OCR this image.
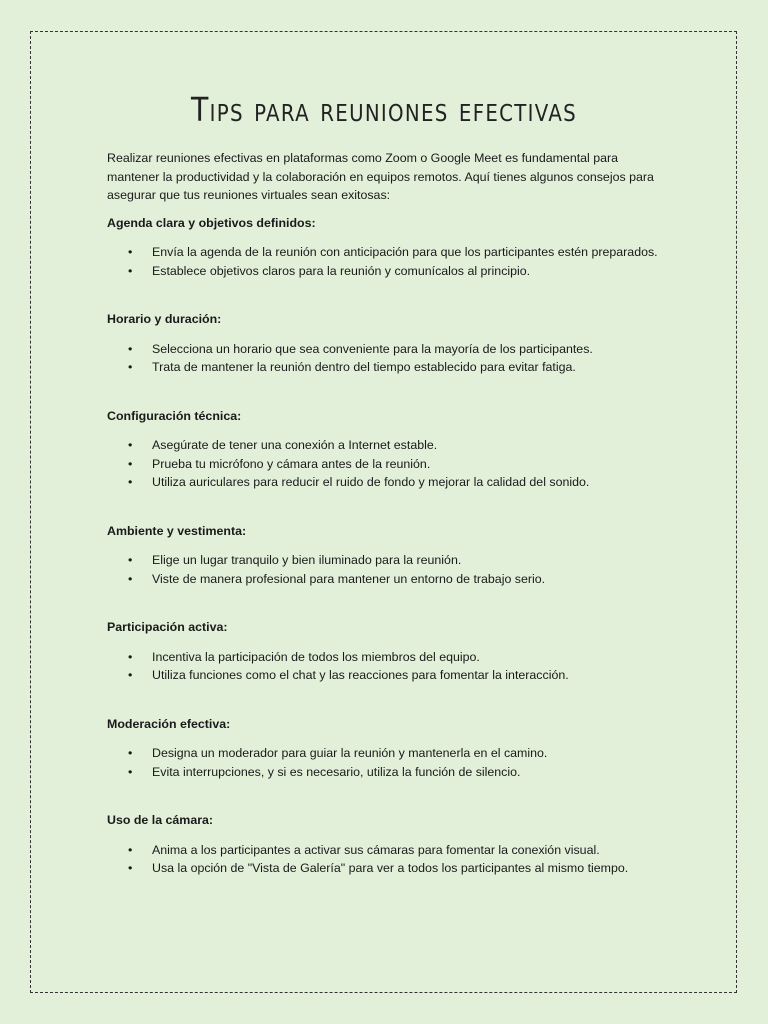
Tips para reuniones efectivas

Realizar reuniones efectivas en plataformas como Zoom o Google Meet es fundamental para mantener la productividad y la colaboración en equipos remotos. Aquí tienes algunos consejos para asegurar que tus reuniones virtuales sean exitosas:

Agenda clara y objetivos definidos:

• Envía la agenda de la reunión con anticipación para que los participantes estén preparados.
• Establece objetivos claros para la reunión y comunícalos al principio.

Horario y duración:

• Selecciona un horario que sea conveniente para la mayoría de los participantes.
• Trata de mantener la reunión dentro del tiempo establecido para evitar fatiga.

Configuración técnica:

• Asegúrate de tener una conexión a Internet estable.
• Prueba tu micrófono y cámara antes de la reunión.
• Utiliza auriculares para reducir el ruido de fondo y mejorar la calidad del sonido.

Ambiente y vestimenta:

• Elige un lugar tranquilo y bien iluminado para la reunión.
• Viste de manera profesional para mantener un entorno de trabajo serio.

Participación activa:

• Incentiva la participación de todos los miembros del equipo.
• Utiliza funciones como el chat y las reacciones para fomentar la interacción.

Moderación efectiva:

• Designa un moderador para guiar la reunión y mantenerla en el camino.
• Evita interrupciones, y si es necesario, utiliza la función de silencio.

Uso de la cámara:

• Anima a los participantes a activar sus cámaras para fomentar la conexión visual.
• Usa la opción de "Vista de Galería" para ver a todos los participantes al mismo tiempo.
